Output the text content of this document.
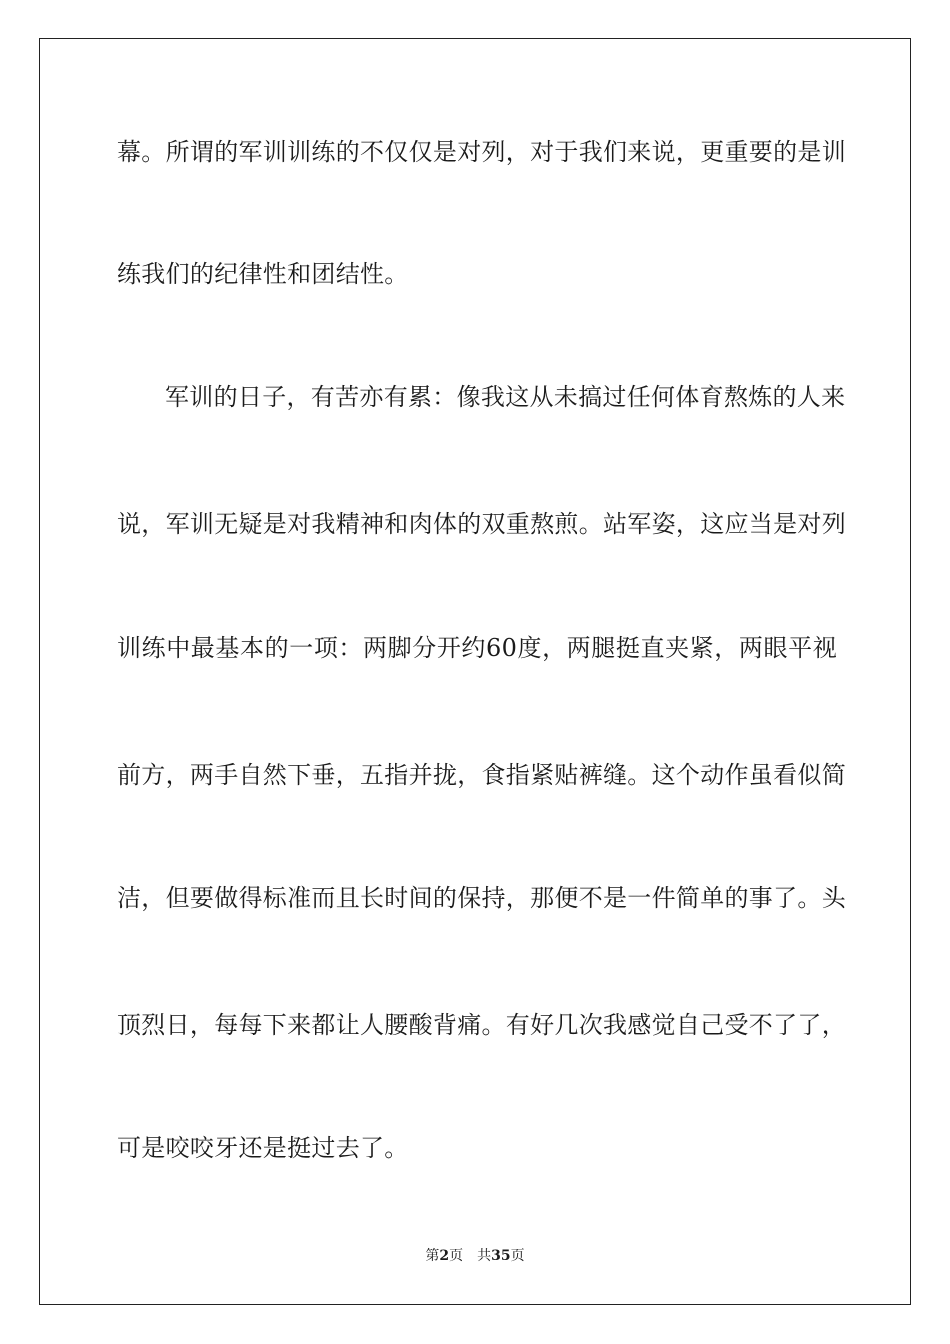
幕。所谓的军训训练的不仅仅是对列，对于我们来说，更重要的是训
练我们的纪律性和团结性。
军训的日子，有苦亦有累：像我这从未搞过任何体育熬炼的人来
说，军训无疑是对我精神和肉体的双重熬煎。站军姿，这应当是对列
训练中最基本的一项：两脚分开约60度，两腿挺直夹紧，两眼平视
前方，两手自然下垂，五指并拢，食指紧贴裤缝。这个动作虽看似简
洁，但要做得标准而且长时间的保持，那便不是一件简单的事了。头
顶烈日，每每下来都让人腰酸背痛。有好几次我感觉自己受不了了，
可是咬咬牙还是挺过去了。
第2页 共35页
